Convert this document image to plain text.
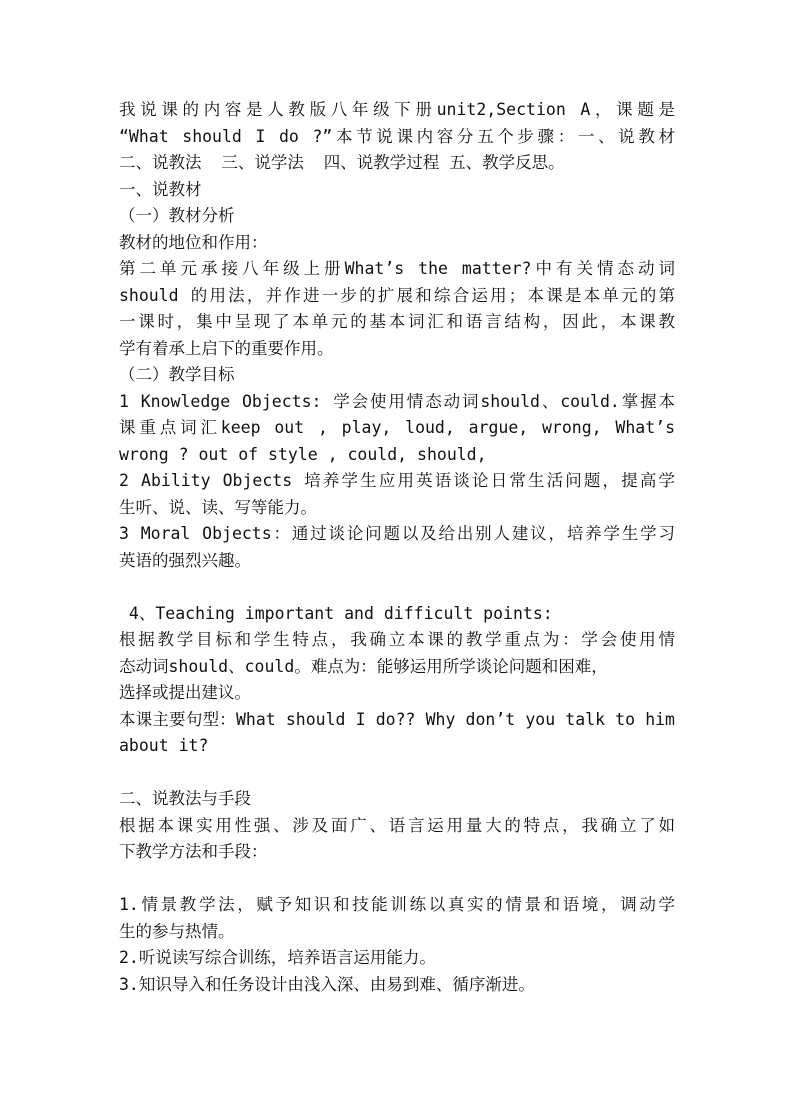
我说课的内容是人教版八年级下册unit2,Section A，课题是
“What should I do ?”本节说课内容分五个步骤：一、说教材
二、说教法  三、说学法  四、说教学过程 五、教学反思。
一、说教材
（一）教材分析
教材的地位和作用：
第二单元承接八年级上册What’s the matter?中有关情态动词
should 的用法，并作进一步的扩展和综合运用；本课是本单元的第
一课时，集中呈现了本单元的基本词汇和语言结构，因此，本课教
学有着承上启下的重要作用。
（二）教学目标
1 Knowledge Objects: 学会使用情态动词should、could.掌握本
课重点词汇keep out , play, loud, argue, wrong, What’s
wrong ? out of style , could, should,
2 Ability Objects 培养学生应用英语谈论日常生活问题，提高学
生听、说、读、写等能力。
3 Moral Objects：通过谈论问题以及给出别人建议，培养学生学习
英语的强烈兴趣。
4、Teaching important and difficult points:
根据教学目标和学生特点，我确立本课的教学重点为：学会使用情
态动词should、could。难点为：能够运用所学谈论问题和困难，
选择或提出建议。
本课主要句型：What should I do?? Why don’t you talk to him
about it?
二、说教法与手段
根据本课实用性强、涉及面广、语言运用量大的特点，我确立了如
下教学方法和手段：
1.情景教学法，赋予知识和技能训练以真实的情景和语境，调动学
生的参与热情。
2.听说读写综合训练，培养语言运用能力。
3.知识导入和任务设计由浅入深、由易到难、循序渐进。
